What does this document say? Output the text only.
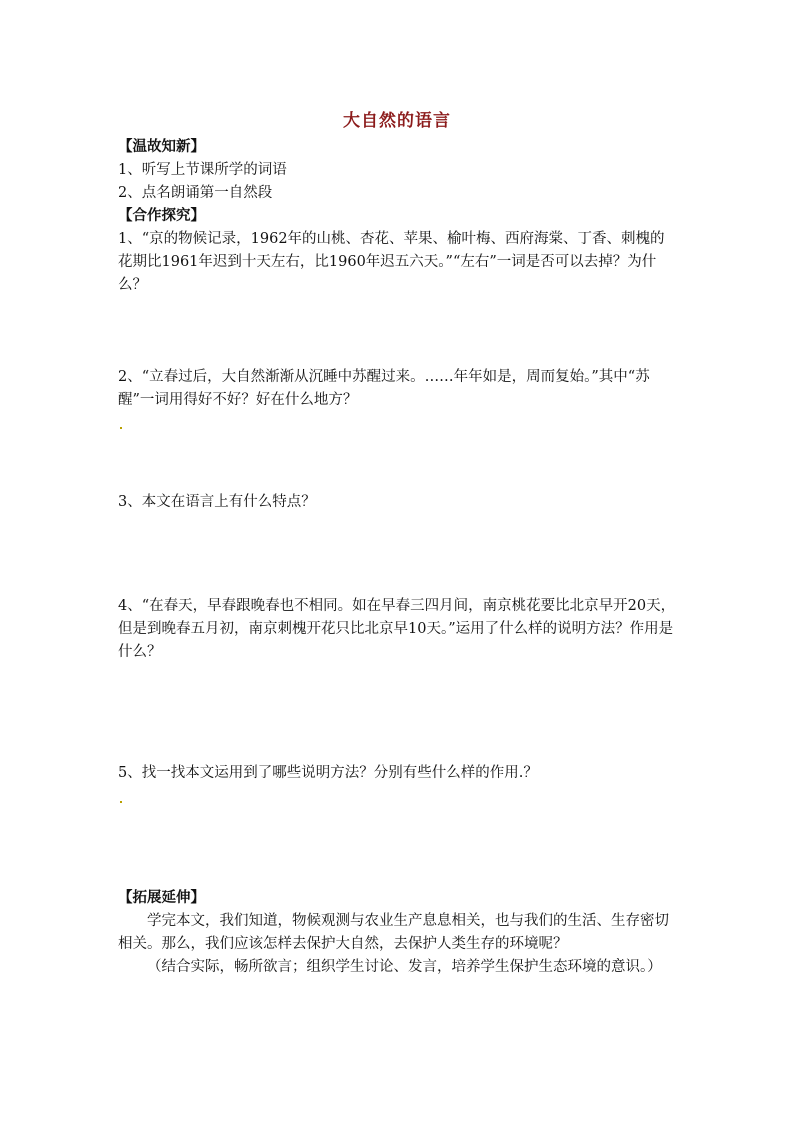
大自然的语言

【温故知新】

1、听写上节课所学的词语

2、点名朗诵第一自然段

【合作探究】

1、“京的物候记录，1962年的山桃、杏花、苹果、榆叶梅、西府海棠、丁香、刺槐的花期比1961年迟到十天左右，比1960年迟五六天。”“左右”一词是否可以去掉？为什么？

2、“立春过后，大自然渐渐从沉睡中苏醒过来。……年年如是，周而复始。”其中“苏醒”一词用得好不好？好在什么地方？

3、本文在语言上有什么特点？

4、“在春天，早春跟晚春也不相同。如在早春三四月间，南京桃花要比北京早开20天，但是到晚春五月初，南京刺槐开花只比北京早10天。”运用了什么样的说明方法？作用是什么？

5、找一找本文运用到了哪些说明方法？分别有些什么样的作用.？

【拓展延伸】

学完本文，我们知道，物候观测与农业生产息息相关，也与我们的生活、生存密切相关。那么，我们应该怎样去保护大自然，去保护人类生存的环境呢？

（结合实际，畅所欲言；组织学生讨论、发言，培养学生保护生态环境的意识。）
